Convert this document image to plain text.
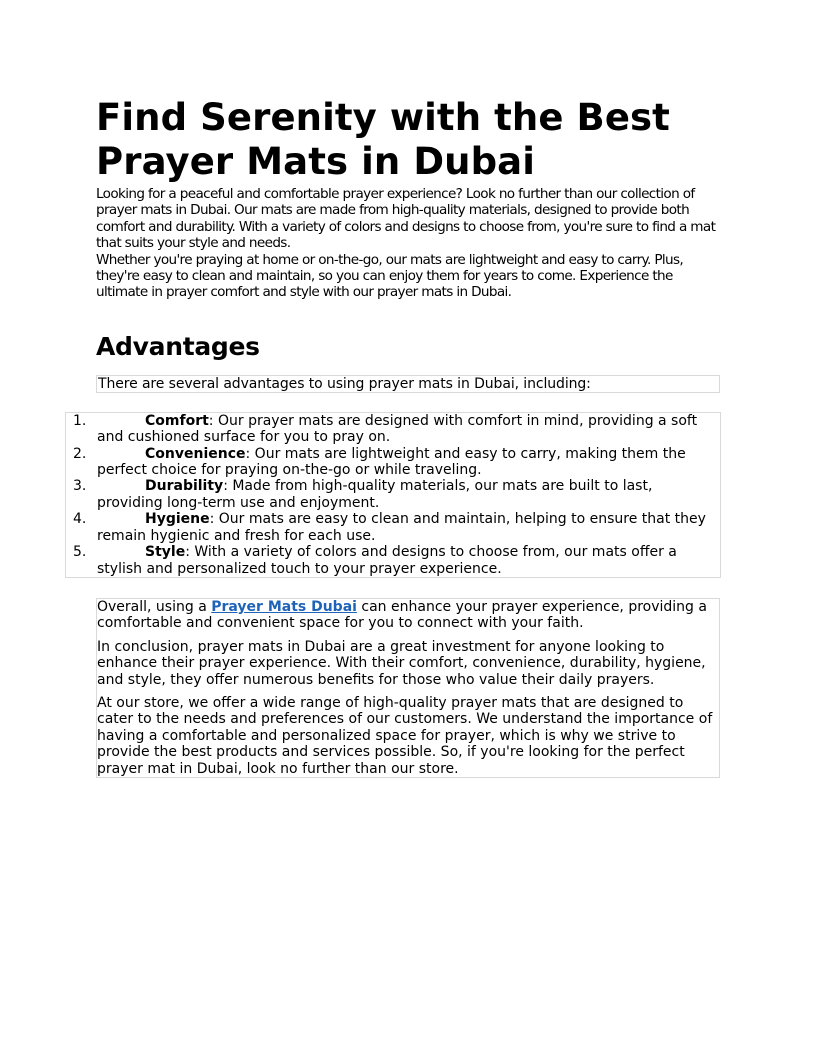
Find Serenity with the Best Prayer Mats in Dubai

Looking for a peaceful and comfortable prayer experience? Look no further than our collection of prayer mats in Dubai. Our mats are made from high-quality materials, designed to provide both comfort and durability. With a variety of colors and designs to choose from, you're sure to find a mat that suits your style and needs.

Whether you're praying at home or on-the-go, our mats are lightweight and easy to carry. Plus, they're easy to clean and maintain, so you can enjoy them for years to come. Experience the ultimate in prayer comfort and style with our prayer mats in Dubai.

Advantages
There are several advantages to using prayer mats in Dubai, including:
1.	Comfort: Our prayer mats are designed with comfort in mind, providing a soft and cushioned surface for you to pray on.
2.	Convenience: Our mats are lightweight and easy to carry, making them the perfect choice for praying on-the-go or while traveling.
3.	Durability: Made from high-quality materials, our mats are built to last, providing long-term use and enjoyment.
4.	Hygiene: Our mats are easy to clean and maintain, helping to ensure that they remain hygienic and fresh for each use.
5.	Style: With a variety of colors and designs to choose from, our mats offer a stylish and personalized touch to your prayer experience.

Overall, using a Prayer Mats Dubai can enhance your prayer experience, providing a comfortable and convenient space for you to connect with your faith.

In conclusion, prayer mats in Dubai are a great investment for anyone looking to enhance their prayer experience. With their comfort, convenience, durability, hygiene, and style, they offer numerous benefits for those who value their daily prayers.

At our store, we offer a wide range of high-quality prayer mats that are designed to cater to the needs and preferences of our customers. We understand the importance of having a comfortable and personalized space for prayer, which is why we strive to provide the best products and services possible. So, if you're looking for the perfect prayer mat in Dubai, look no further than our store.
